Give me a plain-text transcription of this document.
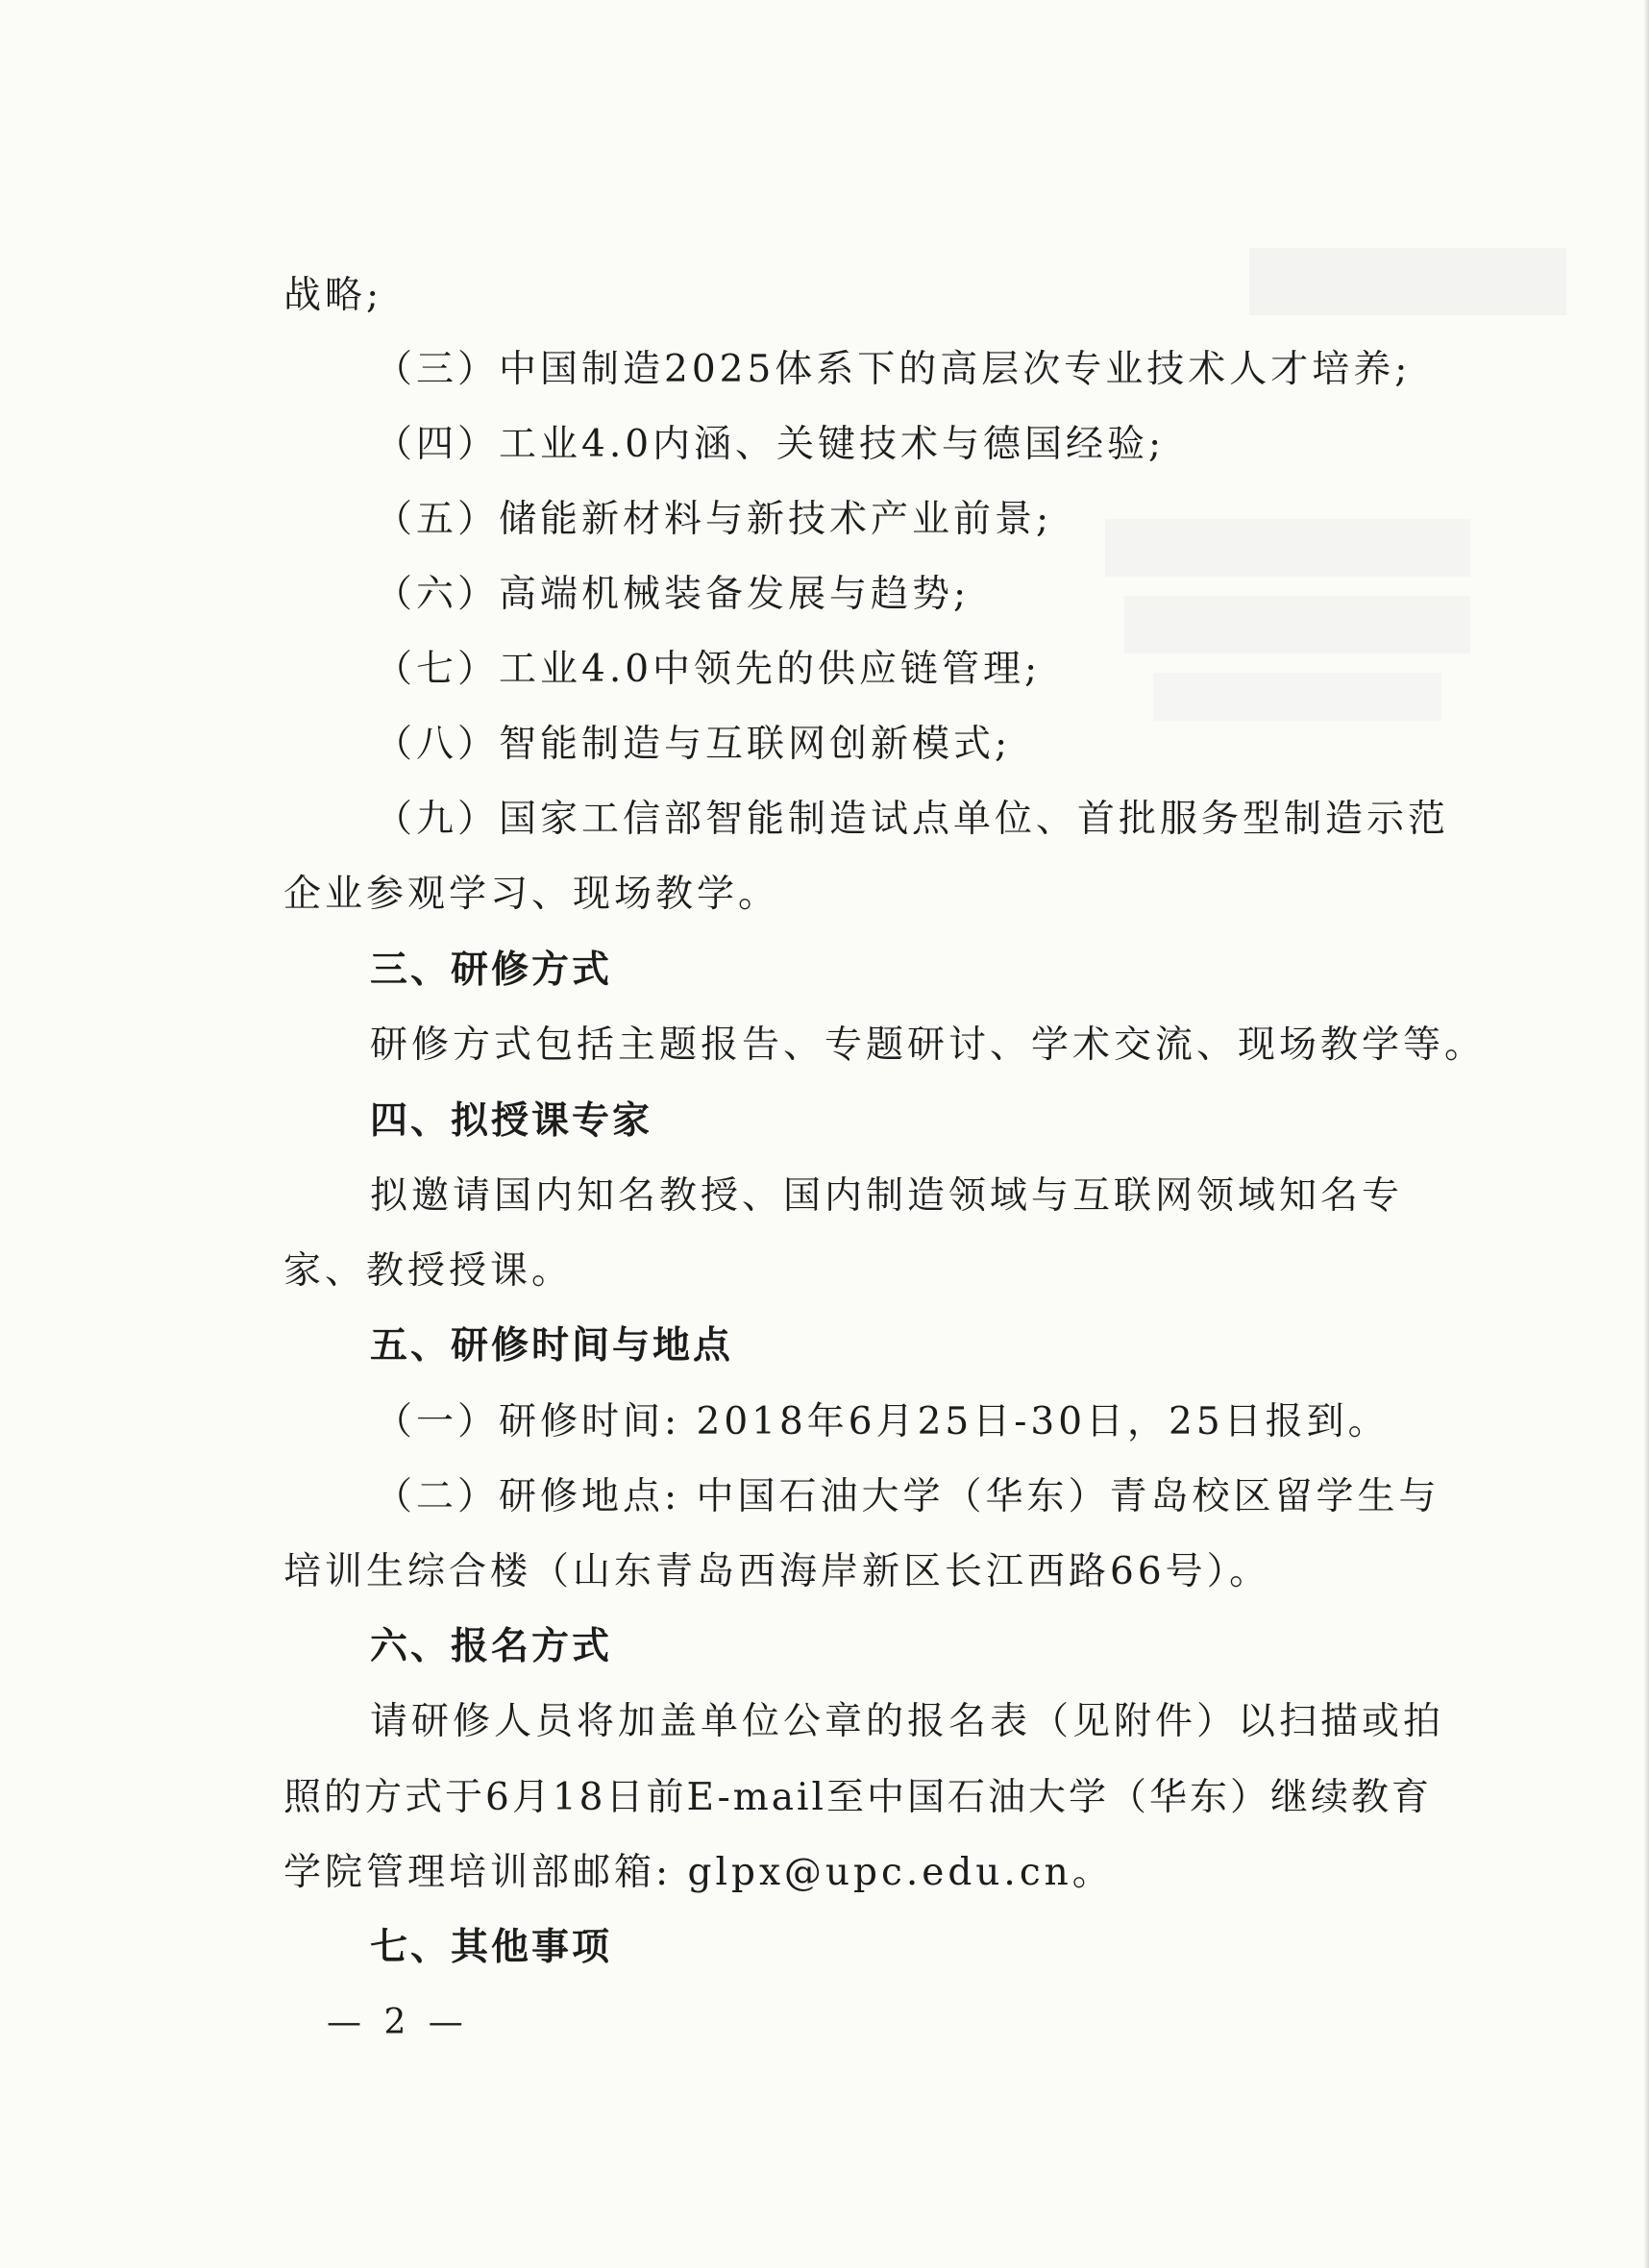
战略;
（三）中国制造2025体系下的高层次专业技术人才培养;
（四）工业4.0内涵、关键技术与德国经验;
（五）储能新材料与新技术产业前景;
（六）高端机械装备发展与趋势;
（七）工业4.0中领先的供应链管理;
（八）智能制造与互联网创新模式;
（九）国家工信部智能制造试点单位、首批服务型制造示范
企业参观学习、现场教学。
三、研修方式
研修方式包括主题报告、专题研讨、学术交流、现场教学等。
四、拟授课专家
拟邀请国内知名教授、国内制造领域与互联网领域知名专
家、教授授课。
五、研修时间与地点
（一）研修时间: 2018年6月25日-30日，25日报到。
（二）研修地点: 中国石油大学（华东）青岛校区留学生与
培训生综合楼（山东青岛西海岸新区长江西路66号）。
六、报名方式
请研修人员将加盖单位公章的报名表（见附件）以扫描或拍
照的方式于6月18日前E-mail至中国石油大学（华东）继续教育
学院管理培训部邮箱: glpx@upc.edu.cn。
七、其他事项
— 2 —
